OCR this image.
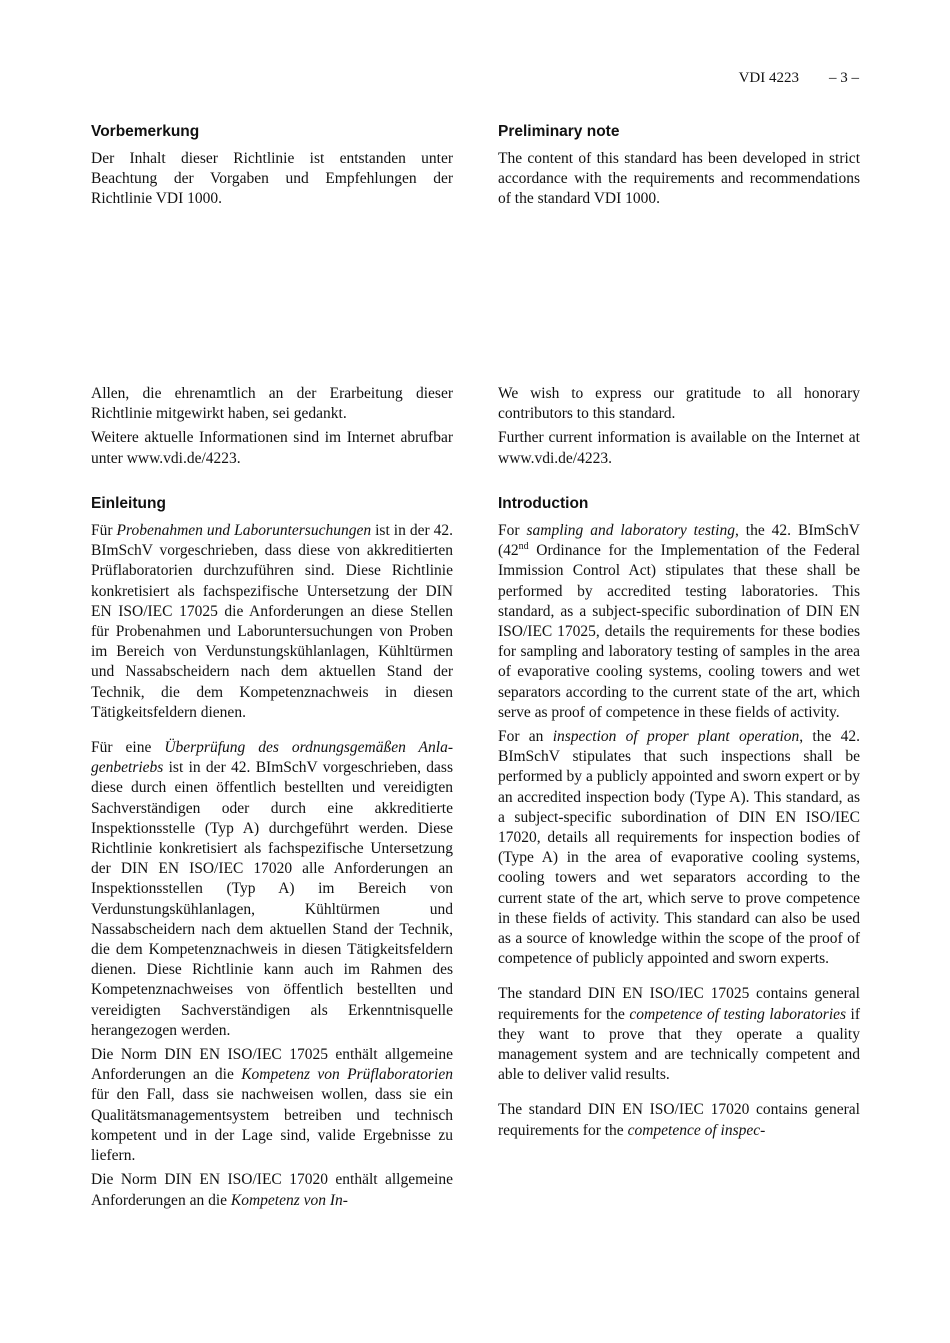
VDI 4223 – 3 –
Vorbemerkung

Der Inhalt dieser Richtlinie ist entstanden unter Beachtung der Vorgaben und Empfehlungen der Richtlinie VDI 1000.

Allen, die ehrenamtlich an der Erarbeitung dieser Richtlinie mitgewirkt haben, sei gedankt.

Weitere aktuelle Informationen sind im Internet abrufbar unter www.vdi.de/4223.

Einleitung

Für Probenahmen und Laboruntersuchungen ist in der 42. BImSchV vorgeschrieben, dass diese von akkreditierten Prüflaboratorien durchzuführen sind. Diese Richtlinie konkretisiert als fachspezifische Untersetzung der DIN EN ISO/IEC 17025 die Anforderungen an diese Stellen für Probenahmen und Laboruntersuchungen von Proben im Bereich von Verdunstungskühlanlagen, Kühltürmen und Nassabscheidern nach dem aktuellen Stand der Technik, die dem Kompetenznachweis in diesen Tätigkeitsfeldern dienen.

Für eine Überprüfung des ordnungsgemäßen Anlagenbetriebs ist in der 42. BImSchV vorgeschrieben, dass diese durch einen öffentlich bestellten und vereidigten Sachverständigen oder durch eine akkreditierte Inspektionsstelle (Typ A) durchgeführt werden. Diese Richtlinie konkretisiert als fachspezifische Untersetzung der DIN EN ISO/IEC 17020 alle Anforderungen an Inspektionsstellen (Typ A) im Bereich von Verdunstungskühlanlagen, Kühltürmen und Nassabscheidern nach dem aktuellen Stand der Technik, die dem Kompetenznachweis in diesen Tätigkeitsfeldern dienen. Diese Richtlinie kann auch im Rahmen des Kompetenznachweises von öffentlich bestellten und vereidigten Sachverständigen als Erkenntnisquelle herangezogen werden.

Die Norm DIN EN ISO/IEC 17025 enthält allgemeine Anforderungen an die Kompetenz von Prüflaboratorien für den Fall, dass sie nachweisen wollen, dass sie ein Qualitätsmanagementsystem betreiben und technisch kompetent und in der Lage sind, valide Ergebnisse zu liefern.

Die Norm DIN EN ISO/IEC 17020 enthält allgemeine Anforderungen an die Kompetenz von In-

Preliminary note

The content of this standard has been developed in strict accordance with the requirements and recommendations of the standard VDI 1000.

We wish to express our gratitude to all honorary contributors to this standard.

Further current information is available on the Internet at www.vdi.de/4223.

Introduction

For sampling and laboratory testing, the 42. BImSchV (42nd Ordinance for the Implementation of the Federal Immission Control Act) stipulates that these shall be performed by accredited testing laboratories. This standard, as a subject-specific subordination of DIN EN ISO/IEC 17025, details the requirements for these bodies for sampling and laboratory testing of samples in the area of evaporative cooling systems, cooling towers and wet separators according to the current state of the art, which serve as proof of competence in these fields of activity.

For an inspection of proper plant operation, the 42. BImSchV stipulates that such inspections shall be performed by a publicly appointed and sworn expert or by an accredited inspection body (Type A). This standard, as a subject-specific subordination of DIN EN ISO/IEC 17020, details all requirements for inspection bodies of (Type A) in the area of evaporative cooling systems, cooling towers and wet separators according to the current state of the art, which serve to prove competence in these fields of activity. This standard can also be used as a source of knowledge within the scope of the proof of competence of publicly appointed and sworn experts.

The standard DIN EN ISO/IEC 17025 contains general requirements for the competence of testing laboratories if they want to prove that they operate a quality management system and are technically competent and able to deliver valid results.

The standard DIN EN ISO/IEC 17020 contains general requirements for the competence of inspec-
